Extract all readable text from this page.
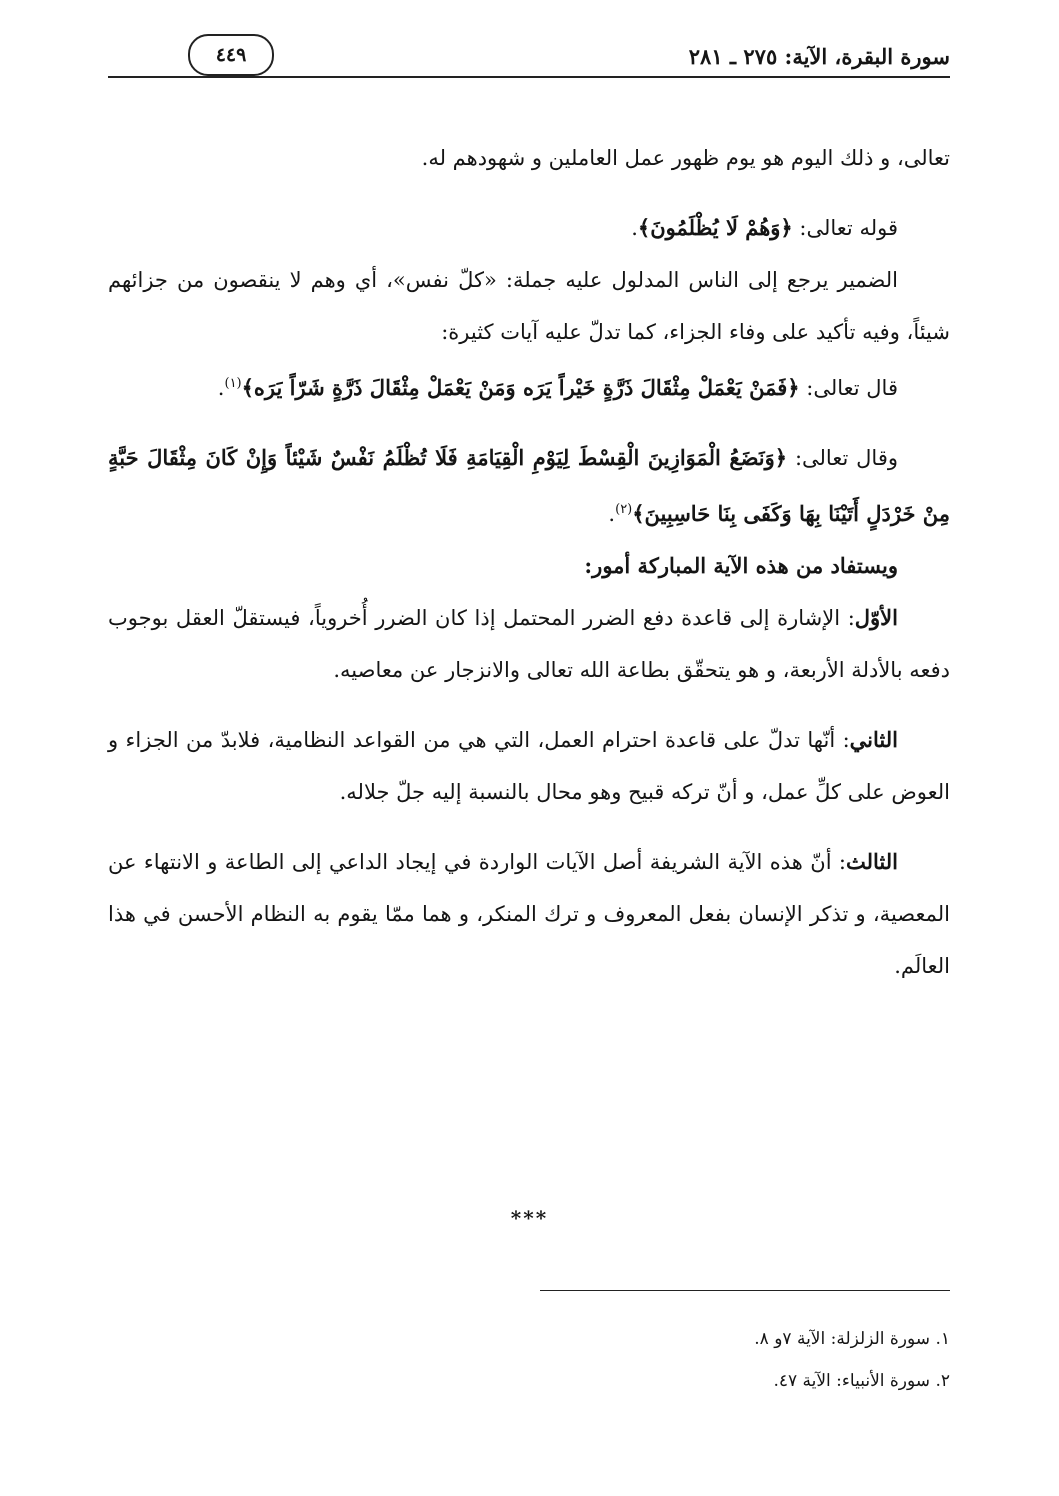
سورة البقرة، الآية: ٢٧٥ ـ ٢٨١
٤٤٩

تعالى، و ذلك اليوم هو يوم ظهور عمل العاملين و شهودهم له.

قوله تعالى: ﴿وَهُمْ لَا يُظْلَمُونَ﴾.

الضمير يرجع إلى الناس المدلول عليه جملة: «كلّ نفس»، أي وهم لا ينقصون من جزائهم شيئاً، وفيه تأكيد على وفاء الجزاء، كما تدلّ عليه آيات كثيرة:

قال تعالى: ﴿فَمَنْ يَعْمَلْ مِثْقَالَ ذَرَّةٍ خَيْراً يَرَه وَمَنْ يَعْمَلْ مِثْقَالَ ذَرَّةٍ شَرّاً يَرَه﴾$^{(١)}$.

وقال تعالى: ﴿وَنَضَعُ الْمَوَازِينَ الْقِسْطَ لِيَوْمِ الْقِيَامَةِ فَلَا تُظْلَمُ نَفْسٌ شَيْئاً وَإِنْ كَانَ مِثْقَالَ حَبَّةٍ مِنْ خَرْدَلٍ أَتَيْنَا بِهَا وَكَفَى بِنَا حَاسِبِينَ﴾$^{(٢)}$.

ويستفاد من هذه الآية المباركة أمور:

الأوّل: الإشارة إلى قاعدة دفع الضرر المحتمل إذا كان الضرر أُخروياً، فيستقلّ العقل بوجوب دفعه بالأدلة الأربعة، و هو يتحقّق بطاعة الله تعالى والانزجار عن معاصيه.

الثاني: أنّها تدلّ على قاعدة احترام العمل، التي هي من القواعد النظامية، فلابدّ من الجزاء و العوض على كلِّ عمل، و أنّ تركه قبيح وهو محال بالنسبة إليه جلّ جلاله.

الثالث: أنّ هذه الآية الشريفة أصل الآيات الواردة في إيجاد الداعي إلى الطاعة و الانتهاء عن المعصية، و تذكر الإنسان بفعل المعروف و ترك المنكر، و هما ممّا يقوم به النظام الأحسن في هذا العالَم.

***

١. سورة الزلزلة: الآية ٧و ٨.

٢. سورة الأنبياء: الآية ٤٧.
